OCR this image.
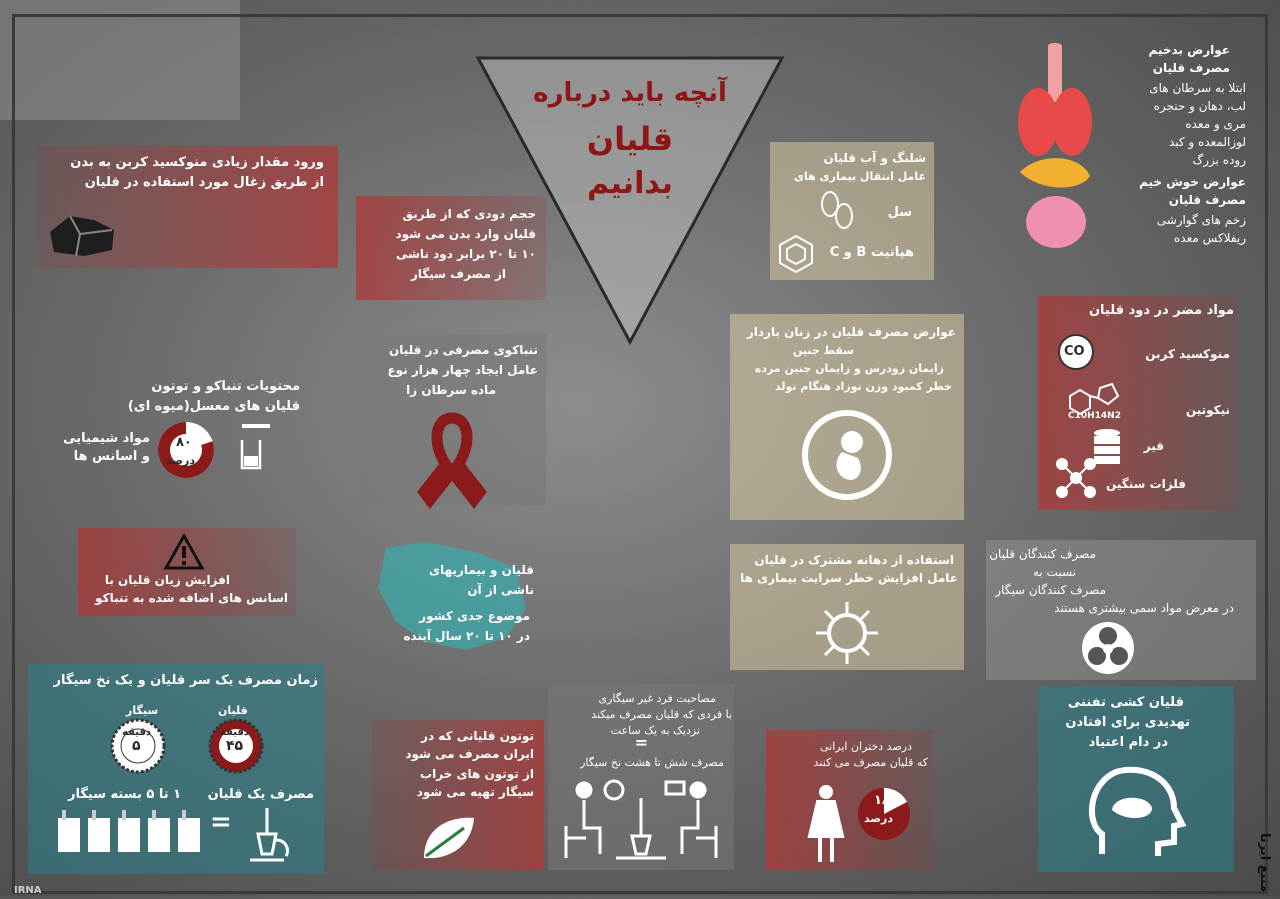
آنچه باید درباره
قلیان
بدانیم
ورود مقدار زیادی منوکسید کربن به بدن
از طریق زغال مورد استفاده در قلیان
حجم دودی که از طریق
قلیان وارد بدن می شود
۱۰ تا ۲۰ برابر دود ناشی
از مصرف سیگار
محتویات تنباکو و توتون
قلیان های معسل(میوه ای)
۸۰
درصد
مواد شیمیایی
و اسانس ها
تنباکوی مصرفی در قلیان
عامل ایجاد چهار هزار نوع
ماده سرطان زا
افزایش زیان قلیان با
اسانس های اضافه شده به تنباکو
قلیان و بیماریهای
ناشی از آن
موضوع جدی کشور
در ۱۰ تا ۲۰ سال آینده
زمان مصرف یک سر قلیان و یک نخ سیگار
سیگار	قلیان
دقیقه
۵
دقیقه
۴۵
۱ تا ۵ بسته سیگار مصرف یک قلیان
=
توتون قلیانی که در
ایران مصرف می شود
از توتون های خراب
سیگار تهیه می شود
مصاحبت فرد غیر سیگاری
با فردی که قلیان مصرف میکند
نزدیک به یک ساعت
=
مصرف شش تا هشت نخ سیگار
درصد دختران ایرانی
که قلیان مصرف می کنند
۱۸
درصد
شلنگ و آب قلیان
عامل انتقال بیماری های
سل
هپاتیت B و C
عوارض مصرف قلیان در زنان باردار
سقط جنین
زایمان زودرس و زایمان جنین مرده
خطر کمبود وزن نوزاد هنگام تولد
استفاده از دهانه مشترک در قلیان
عامل افزایش خطر سرایت بیماری ها
عوارض بدخیم
مصرف قلیان
ابتلا به سرطان های
لب، دهان و حنجره
مری و معده
لوزالمعده و کبد
روده بزرگ
عوارض خوش خیم
مصرف قلیان
زخم های گوارشی
ریفلاکس معده
مواد مضر در دود قلیان
CO	منوکسید کربن
C10H14N2	نیکوتین
قیر
فلزات سنگین
مصرف کنندگان قلیان
نسبت به
مصرف کنندگان سیگار
در معرض مواد سمی بیشتری هستند
قلیان کشی تفننی
تهدیدی برای افتادن
در دام اعتیاد
منبع ایرنا
IRNA
